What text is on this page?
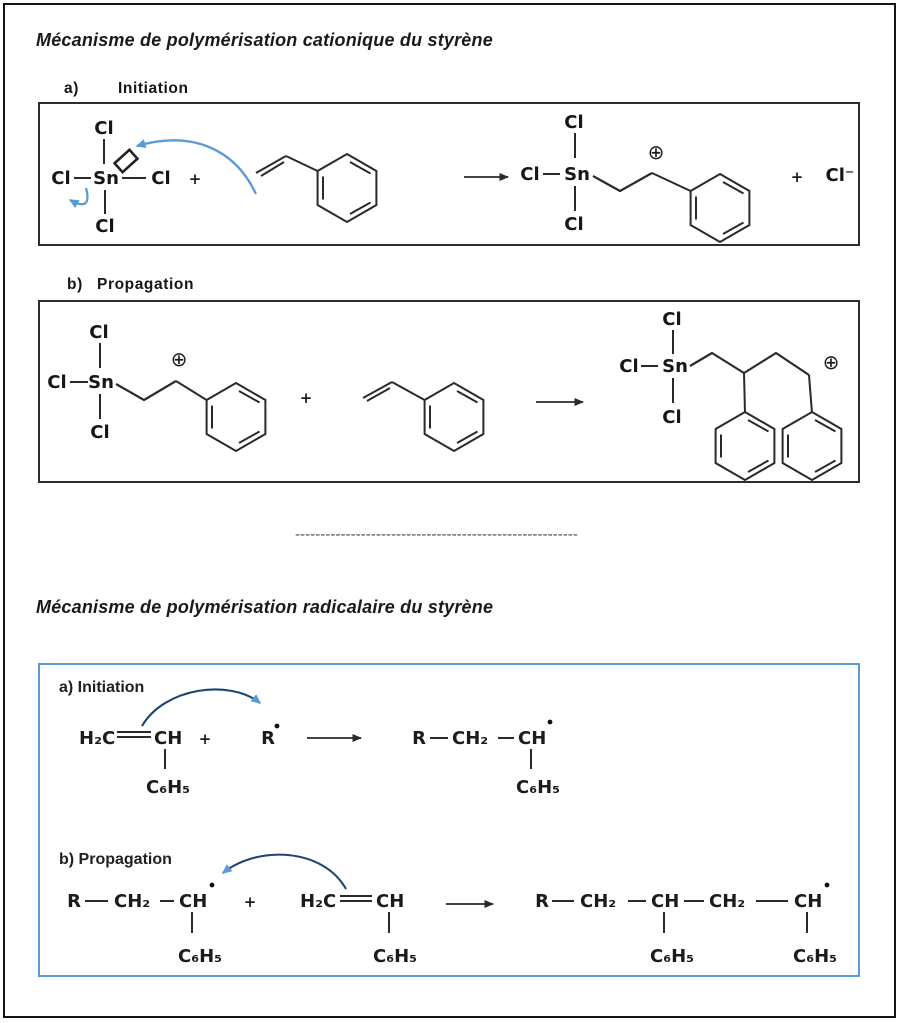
Mécanisme de polymérisation cationique du styrène
a)	Initiation
Cl
Cl Sn Cl
Cl
+
Cl
Cl Sn
Cl
⊕
+ Cl⁻
b) Propagation
Cl
Cl Sn
Cl
⊕
+
Cl
Cl Sn
Cl
⊕
--------------------------------------------------------
Mécanisme de polymérisation radicalaire du styrène
a) Initiation
H₂C CH
C₆H₅
+	R	R CH₂ CH
C₆H₅
b) Propagation
R CH₂ CH
C₆H₅
+ H₂C CH
C₆H₅
R CH₂ CH CH₂	CH
C₆H₅	C₆H₅
